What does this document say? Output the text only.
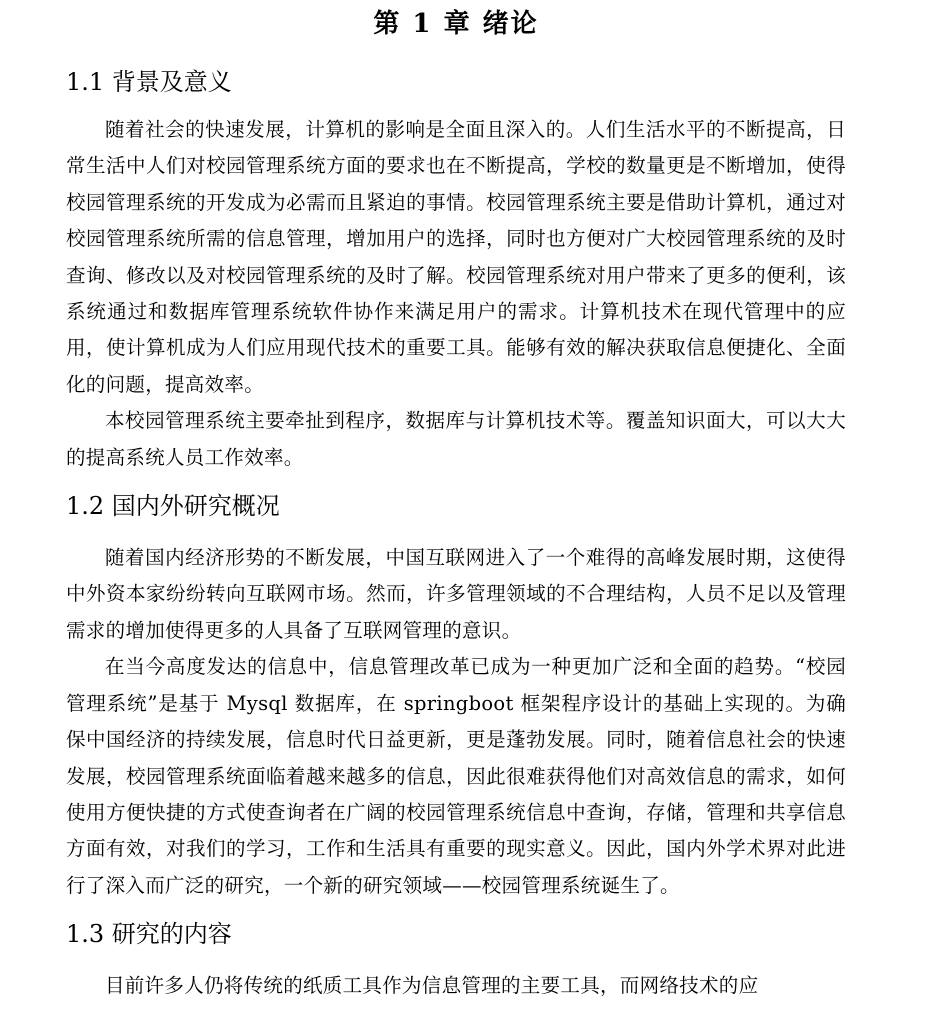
第 1 章 绪论
1.1 背景及意义

随着社会的快速发展，计算机的影响是全面且深入的。人们生活水平的不断提高，日常生活中人们对校园管理系统方面的要求也在不断提高，学校的数量更是不断增加，使得校园管理系统的开发成为必需而且紧迫的事情。校园管理系统主要是借助计算机，通过对校园管理系统所需的信息管理，增加用户的选择，同时也方便对广大校园管理系统的及时查询、修改以及对校园管理系统的及时了解。校园管理系统对用户带来了更多的便利，该系统通过和数据库管理系统软件协作来满足用户的需求。计算机技术在现代管理中的应用，使计算机成为人们应用现代技术的重要工具。能够有效的解决获取信息便捷化、全面化的问题，提高效率。

本校园管理系统主要牵扯到程序，数据库与计算机技术等。覆盖知识面大，可以大大的提高系统人员工作效率。

1.2 国内外研究概况

随着国内经济形势的不断发展，中国互联网进入了一个难得的高峰发展时期，这使得中外资本家纷纷转向互联网市场。然而，许多管理领域的不合理结构，人员不足以及管理需求的增加使得更多的人具备了互联网管理的意识。

在当今高度发达的信息中，信息管理改革已成为一种更加广泛和全面的趋势。“校园管理系统”是基于 Mysql 数据库，在 springboot 框架程序设计的基础上实现的。为确保中国经济的持续发展，信息时代日益更新，更是蓬勃发展。同时，随着信息社会的快速发展，校园管理系统面临着越来越多的信息，因此很难获得他们对高效信息的需求，如何使用方便快捷的方式使查询者在广阔的校园管理系统信息中查询，存储，管理和共享信息方面有效，对我们的学习，工作和生活具有重要的现实意义。因此，国内外学术界对此进行了深入而广泛的研究，一个新的研究领域——校园管理系统诞生了。

1.3 研究的内容

目前许多人仍将传统的纸质工具作为信息管理的主要工具，而网络技术的应
